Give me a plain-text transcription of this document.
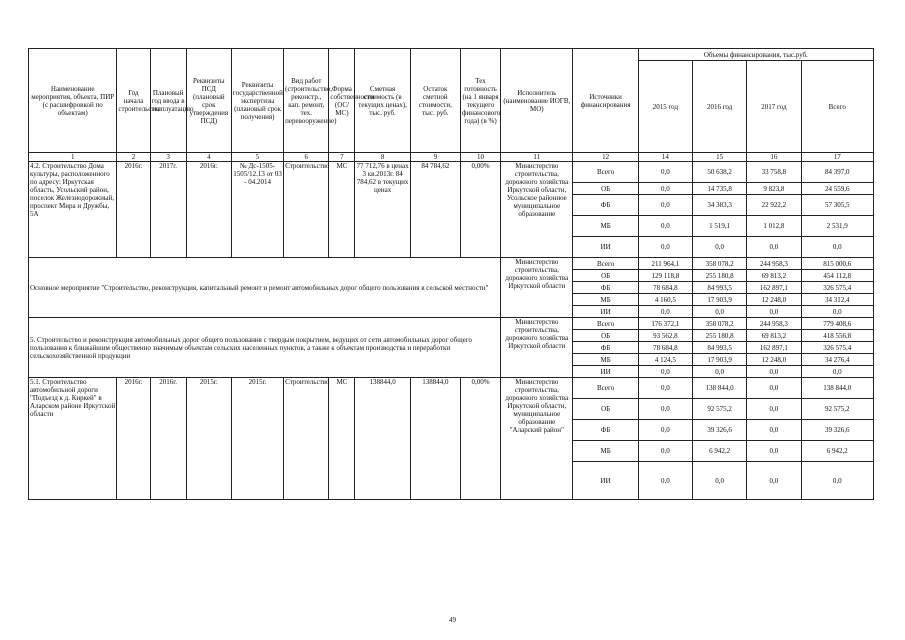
Наименование мероприятия, объекта, ПИР (с расшифровкой по объектам)	Год начала строительства	Плановый год ввода в эксплуатацию	Реквизиты ПСД (плановый срок утверждения ПСД)	Реквизиты государственной экспертизы (плановый срок получения)	Вид работ (строительство, реконстр., кап. ремонт, тех. перевооружение)	Форма собственности (ОС/МС)	Сметная стоимость (в текущих ценах), тыс. руб.	Остаток сметной стоимости, тыс. руб.	Тех готовность (на 1 января текущего финансового года) (в %)	Исполнитель (наименование ИОГВ, МО)	Источники финансирования	Объемы финансирования, тыс.руб.			
												2015 год	2016 год	2017 год	Всего
1	2	3	4	5	6	7	8	9	10	11	12	14	15	16	17
4.2. Строительство Дома культуры, расположенного по адресу: Иркутская область, Усольский район, поселок Железнодорожный, проспект Мира и Дружбы, 5А	2016г.	2017г.	2016г.	№ Дс-1505-1505/12.13 от 03 - 04.2014	Строительство	МС	77 712,76 в ценах 3 кв.2013г. 84 784,62 в текущих ценах	84 784,62	0,00%	Министерство строительства, дорожного хозяйства Иркутской области, Усольское районное муниципальное образование	Всего	0,0	50 638,2	33 758,8	84 397,0
											ОБ	0,0	14 735,8	9 823,8	24 559,6
											ФБ	0,0	34 383,3	22 922,2	57 305,5
											МБ	0,0	1 519,1	1 012,8	2 531,9
											ИИ	0,0	0,0	0,0	0,0
Основное мероприятие "Строительство, реконструкция, капитальный ремонт и ремонт автомобильных дорог общего пользования в сельской местности"										Министерство строительства, дорожного хозяйства Иркутской области	Всего	211 964,1	358 078,2	244 958,3	815 000,6
											ОБ	129 118,8	255 180,8	69 813,2	454 112,8
											ФБ	78 684,8	84 993,5	162 897,1	326 575,4
											МБ	4 160,5	17 903,9	12 248,0	34 312,4
											ИИ	0,0	0,0	0,0	0,0
5. Строительство и реконструкция автомобильных дорог общего пользования с твердым покрытием, ведущих от сети автомобильных дорог общего пользования к ближайшим общественно значимым объектам сельских населенных пунктов, а также к объектам производства и переработки сельскохозяйственной продукции										Министерство строительства, дорожного хозяйства Иркутской области	Всего	176 372,1	358 078,2	244 958,3	779 408,6
											ОБ	93 562,8	255 180,8	69 813,2	418 556,8
											ФБ	78 684,8	84 993,5	162 897,1	326 575,4
											МБ	4 124,5	17 903,9	12 248,0	34 276,4
											ИИ	0,0	0,0	0,0	0,0
5.1. Строительство автомобильной дороги "Подъезд к д. Киркей" в Аларском районе Иркутской области	2016г.	2016г.	2015г.	2015г.	Строительство	МС	138844,0	138844,0	0,00%	Министерство строительства, дорожного хозяйства Иркутской области, муниципальное образование "Аларский район"	Всего	0,0	138 844,0	0,0	138 844,0
											ОБ	0,0	92 575,2	0,0	92 575,2
											ФБ	0,0	39 326,6	0,0	39 326,6
											МБ	0,0	6 942,2	0,0	6 942,2
											ИИ	0,0	0,0	0,0	0,0
49
